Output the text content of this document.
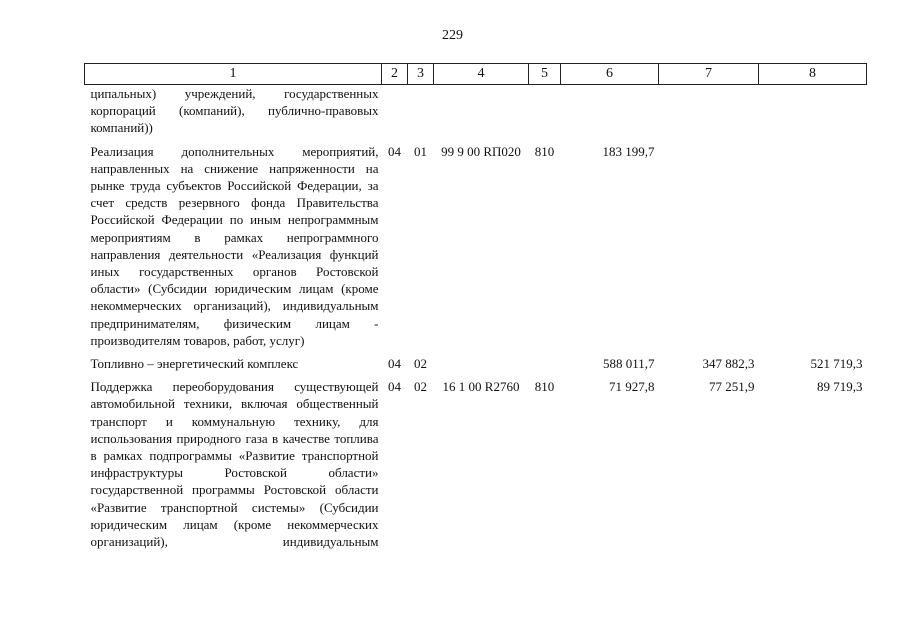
229
1	2	3	4	5	6	7	8
ципальных) учреждений, государственных корпораций (компаний), публично-правовых компаний))							
Реализация дополнительных мероприятий, направленных на снижение напряженности на рынке труда субъектов Российской Федерации, за счет средств резервного фонда Правительства Российской Федерации по иным непрограммным мероприятиям в рамках непрограммного направления деятельности «Реализация функций иных государственных органов Ростовской области» (Субсидии юридическим лицам (кроме некоммерческих организаций), индивидуальным предпринимателям, физическим лицам - производителям товаров, работ, услуг)	04	01	99 9 00 RП020	810	183 199,7		
Топливно – энергетический комплекс	04	02			588 011,7	347 882,3	521 719,3
Поддержка переоборудования существующей автомобильной техники, включая общественный транспорт и коммунальную технику, для использования природного газа в качестве топлива в рамках подпрограммы «Развитие транспортной инфраструктуры Ростовской области» государственной программы Ростовской области «Развитие транспортной системы» (Субсидии юридическим лицам (кроме некоммерческих организаций), индивидуальным	04	02	16 1 00 R2760	810	71 927,8	77 251,9	89 719,3
